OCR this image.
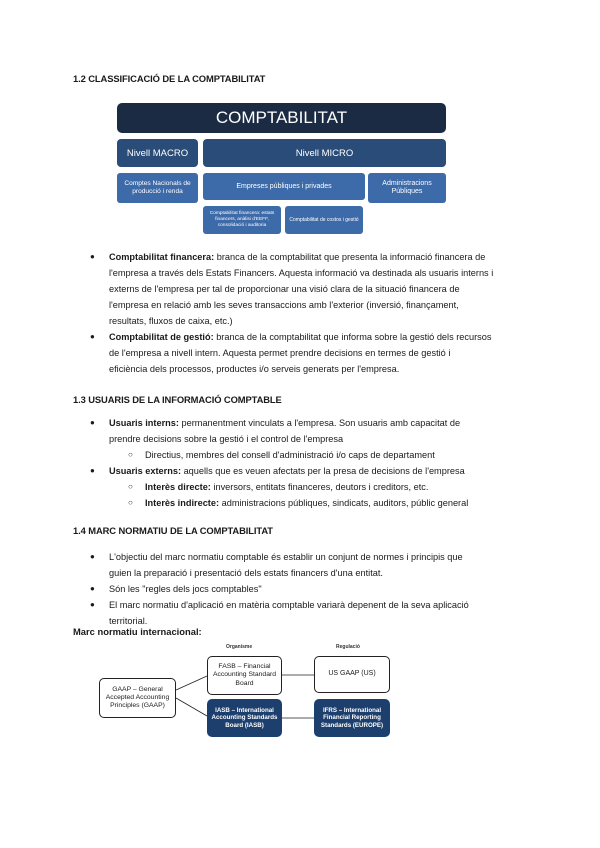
1.2 CLASSIFICACIÓ DE LA COMPTABILITAT
COMPTABILITAT
Nivell MACRO	Nivell MICRO
Comptes Nacionals de producció i renda
Empreses públiques i privades	Administracions Públiques
Comptabilitat financera: estats financers, anàlisi d'EEFF, consolidació i auditoria
Comptabilitat de costos i gestió
● Comptabilitat financera: branca de la comptabilitat que presenta la informació financera de
l'empresa a través dels Estats Financers. Aquesta informació va destinada als usuaris interns i
externs de l'empresa per tal de proporcionar una visió clara de la situació financera de
l'empresa en relació amb les seves transaccions amb l'exterior (inversió, finançament,
resultats, fluxos de caixa, etc.)
● Comptabilitat de gestió: branca de la comptabilitat que informa sobre la gestió dels recursos
de l'empresa a nivell intern. Aquesta permet prendre decisions en termes de gestió i
eficiència dels processos, productes i/o serveis generats per l'empresa.
1.3 USUARIS DE LA INFORMACIÓ COMPTABLE
● Usuaris interns: permanentment vinculats a l'empresa. Son usuaris amb capacitat de
prendre decisions sobre la gestió i el control de l'empresa
○ Directius, membres del consell d'administració i/o caps de departament
● Usuaris externs: aquells que es veuen afectats per la presa de decisions de l'empresa
○ Interès directe: inversors, entitats financeres, deutors i creditors, etc.
○ Interès indirecte: administracions públiques, sindicats, auditors, públic general
1.4 MARC NORMATIU DE LA COMPTABILITAT
● L'objectiu del marc normatiu comptable és establir un conjunt de normes i principis que
guien la preparació i presentació dels estats financers d'una entitat.
● Són les "regles dels jocs comptables"
● El marc normatiu d'aplicació en matèria comptable variarà depenent de la seva aplicació
territorial.
Marc normatiu internacional:
Organisme	Regulació
GAAP – General Accepted Accounting Principles (GAAP)
FASB – Financial Accounting Standard Board
US GAAP (US)
IASB – International Accounting Standards Board (IASB)
IFRS – International Financial Reporting Standards (EUROPE)
